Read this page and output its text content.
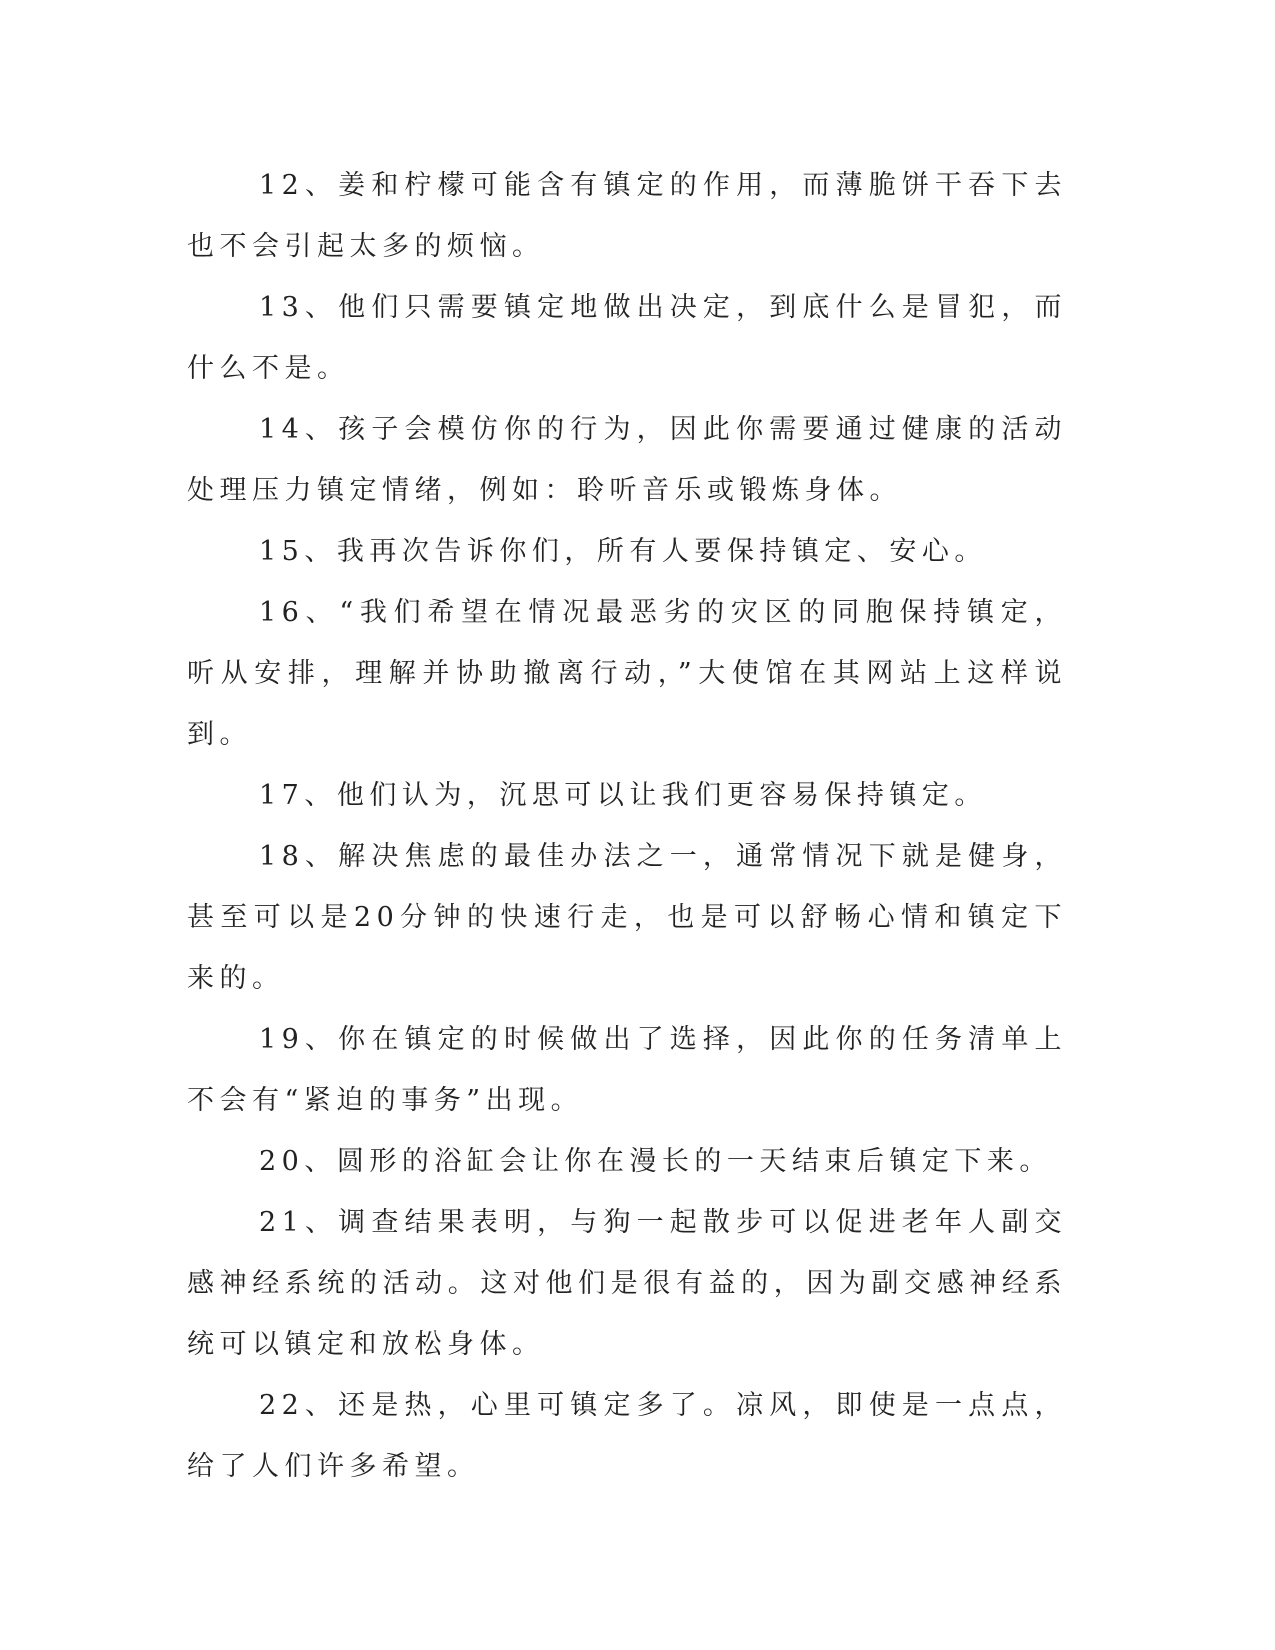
12、姜和柠檬可能含有镇定的作用，而薄脆饼干吞下去也不会引起太多的烦恼。

13、他们只需要镇定地做出决定，到底什么是冒犯，而什么不是。

14、孩子会模仿你的行为，因此你需要通过健康的活动处理压力镇定情绪，例如：聆听音乐或锻炼身体。

15、我再次告诉你们，所有人要保持镇定、安心。

16、“我们希望在情况最恶劣的灾区的同胞保持镇定，听从安排，理解并协助撤离行动，”大使馆在其网站上这样说到。

17、他们认为，沉思可以让我们更容易保持镇定。

18、解决焦虑的最佳办法之一，通常情况下就是健身，甚至可以是20分钟的快速行走，也是可以舒畅心情和镇定下来的。

19、你在镇定的时候做出了选择，因此你的任务清单上不会有“紧迫的事务”出现。

20、圆形的浴缸会让你在漫长的一天结束后镇定下来。

21、调查结果表明，与狗一起散步可以促进老年人副交感神经系统的活动。这对他们是很有益的，因为副交感神经系统可以镇定和放松身体。

22、还是热，心里可镇定多了。凉风，即使是一点点，给了人们许多希望。
